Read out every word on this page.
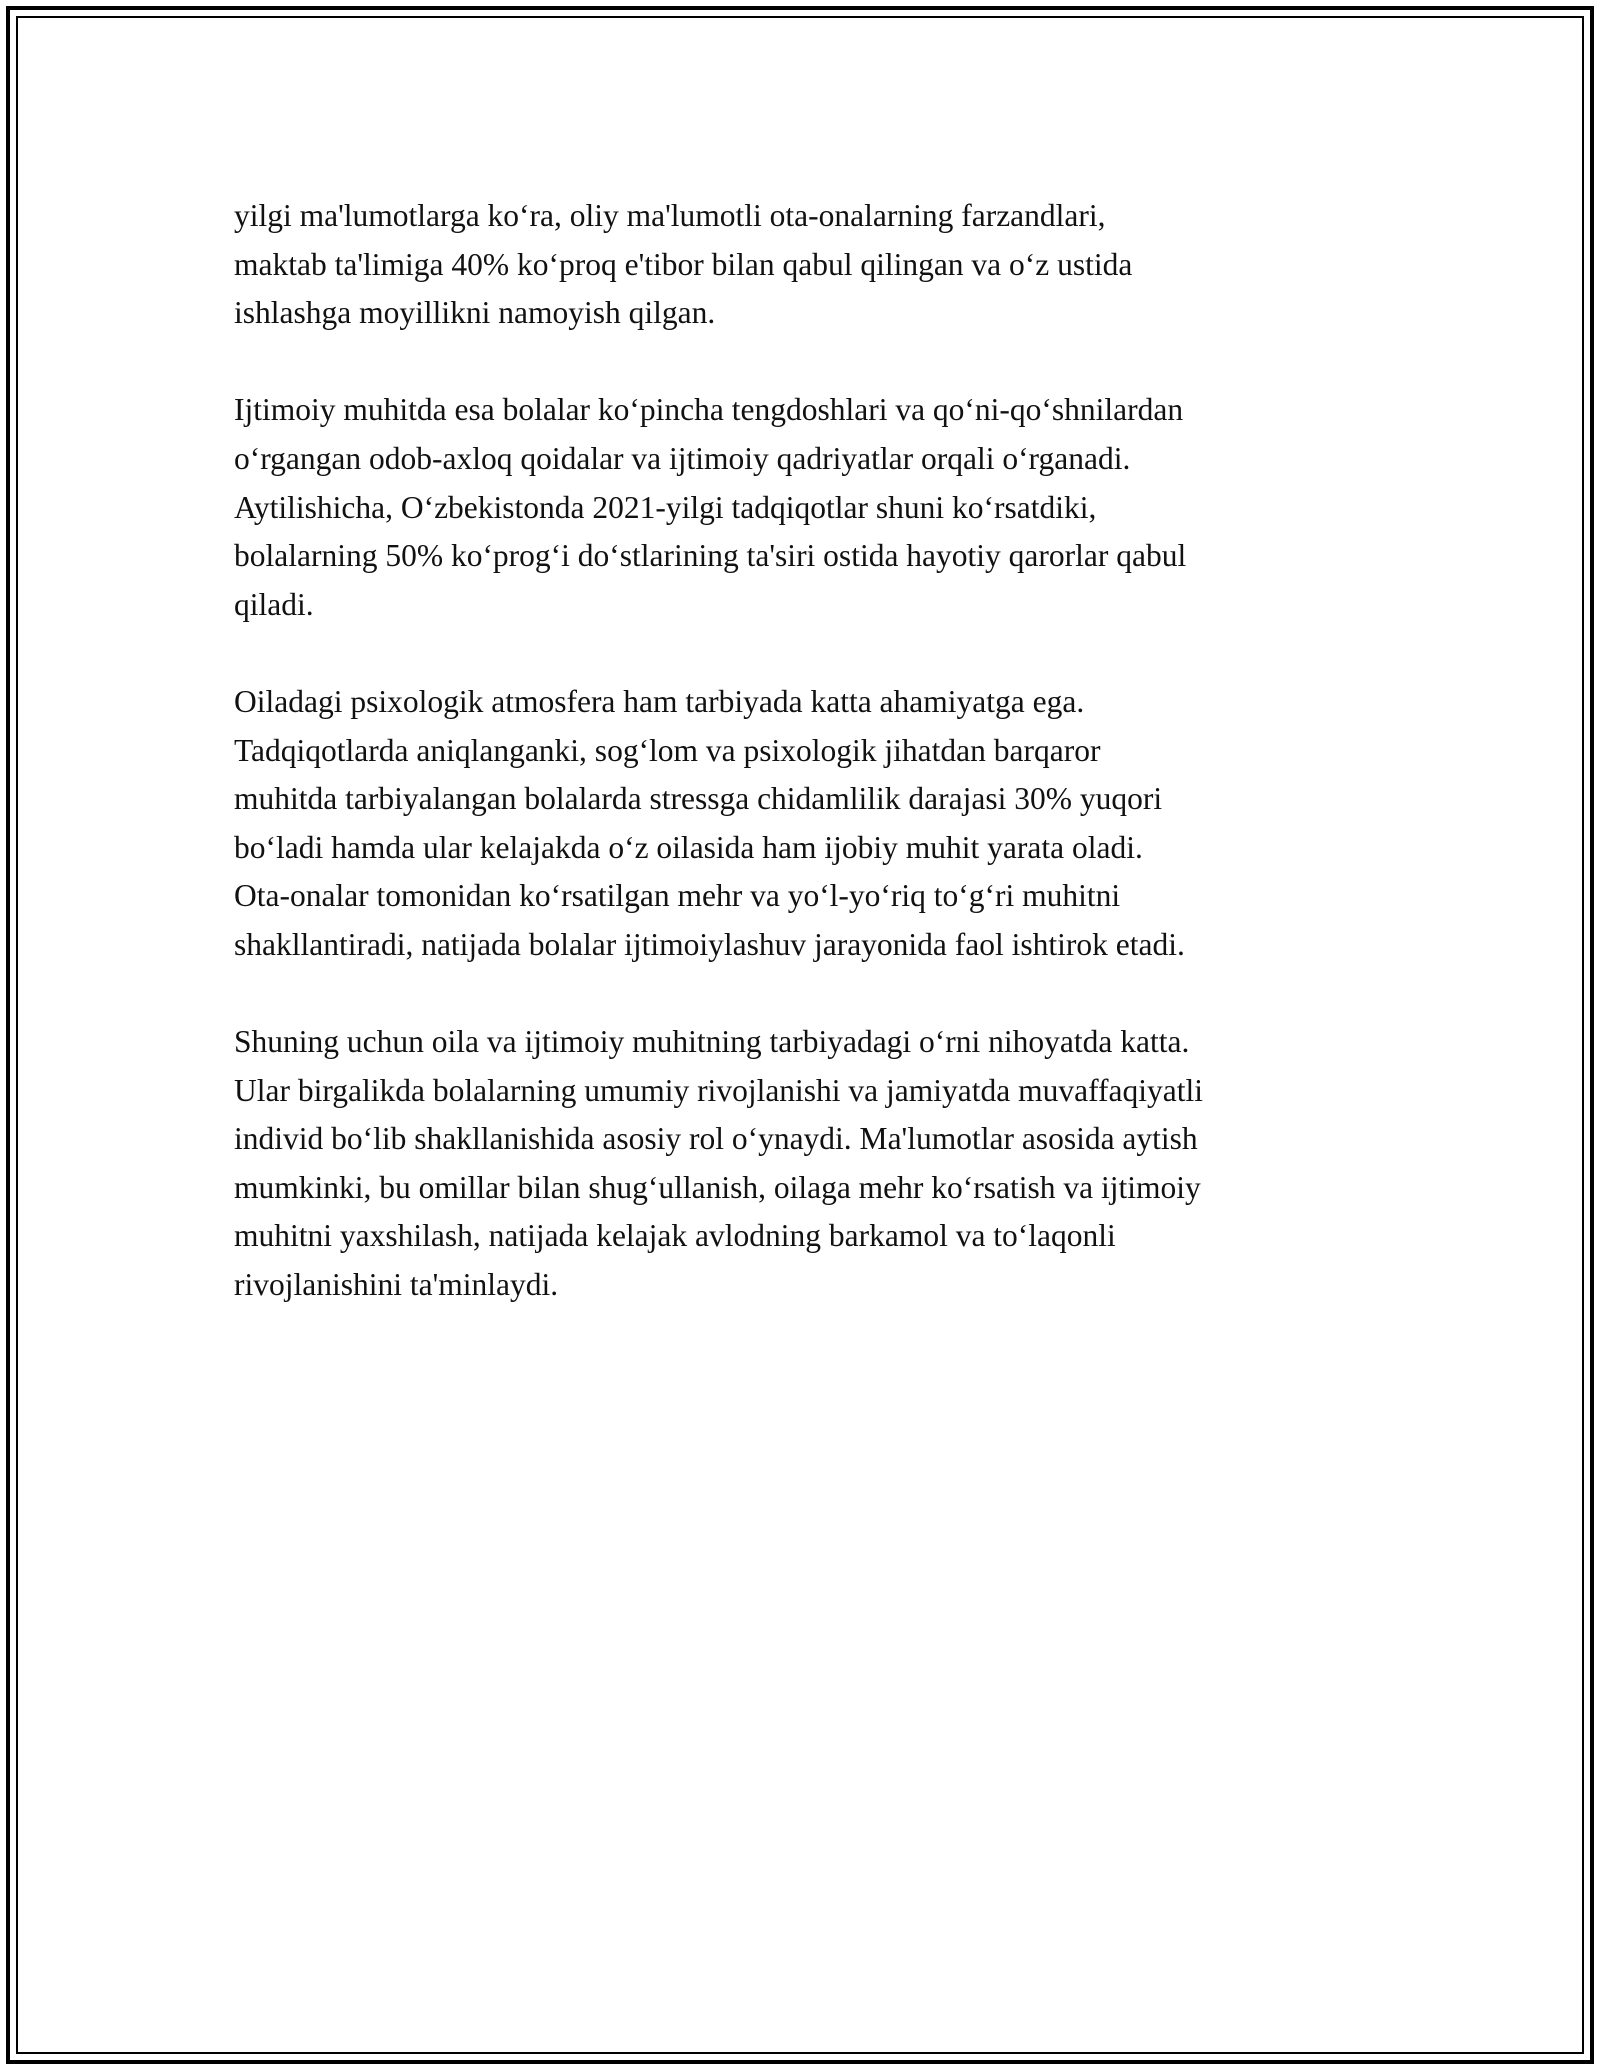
yilgi ma'lumotlarga koʻra, oliy ma'lumotli ota-onalarning farzandlari,
maktab ta'limiga 40% koʻproq e'tibor bilan qabul qilingan va oʻz ustida
ishlashga moyillikni namoyish qilgan.

Ijtimoiy muhitda esa bolalar koʻpincha tengdoshlari va qoʻni-qoʻshnilardan
oʻrgangan odob-axloq qoidalar va ijtimoiy qadriyatlar orqali oʻrganadi.
Aytilishicha, Oʻzbekistonda 2021-yilgi tadqiqotlar shuni koʻrsatdiki,
bolalarning 50% koʻprogʻi doʻstlarining ta'siri ostida hayotiy qarorlar qabul
qiladi.

Oiladagi psixologik atmosfera ham tarbiyada katta ahamiyatga ega.
Tadqiqotlarda aniqlanganki, sogʻlom va psixologik jihatdan barqaror
muhitda tarbiyalangan bolalarda stressga chidamlilik darajasi 30% yuqori
boʻladi hamda ular kelajakda oʻz oilasida ham ijobiy muhit yarata oladi.
Ota-onalar tomonidan koʻrsatilgan mehr va yoʻl-yoʻriq toʻgʻri muhitni
shakllantiradi, natijada bolalar ijtimoiylashuv jarayonida faol ishtirok etadi.

Shuning uchun oila va ijtimoiy muhitning tarbiyadagi oʻrni nihoyatda katta.
Ular birgalikda bolalarning umumiy rivojlanishi va jamiyatda muvaffaqiyatli
individ boʻlib shakllanishida asosiy rol oʻynaydi. Ma'lumotlar asosida aytish
mumkinki, bu omillar bilan shugʻullanish, oilaga mehr koʻrsatish va ijtimoiy
muhitni yaxshilash, natijada kelajak avlodning barkamol va toʻlaqonli
rivojlanishini ta'minlaydi.
